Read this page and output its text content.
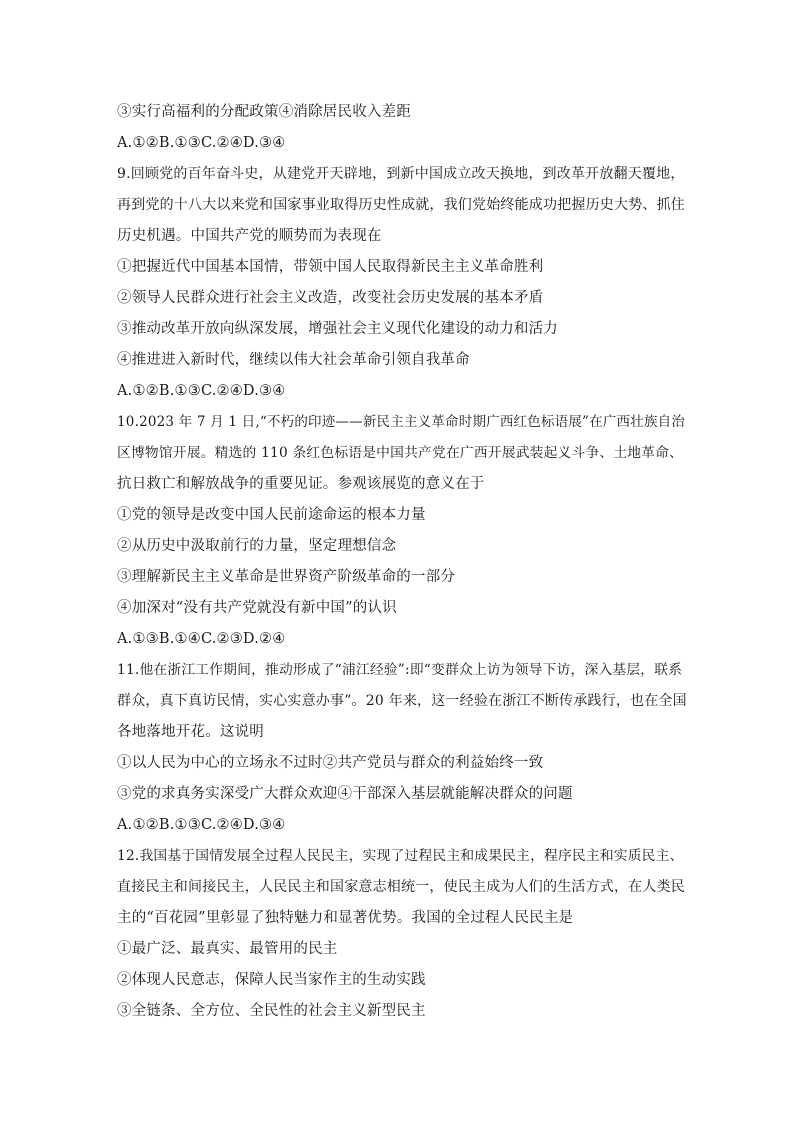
③实行高福利的分配政策④消除居民收入差距
A.①②B.①③C.②④D.③④
9.回顾党的百年奋斗史，从建党开天辟地，到新中国成立改天换地，到改革开放翻天覆地，
再到党的十八大以来党和国家事业取得历史性成就，我们党始终能成功把握历史大势、抓住
历史机遇。中国共产党的顺势而为表现在
①把握近代中国基本国情，带领中国人民取得新民主主义革命胜利
②领导人民群众进行社会主义改造，改变社会历史发展的基本矛盾
③推动改革开放向纵深发展，增强社会主义现代化建设的动力和活力
④推进进入新时代，继续以伟大社会革命引领自我革命
A.①②B.①③C.②④D.③④
10.2023 年 7 月 1 日,“不朽的印迹——新民主主义革命时期广西红色标语展”在广西壮族自治
区博物馆开展。精选的 110 条红色标语是中国共产党在广西开展武装起义斗争、土地革命、
抗日救亡和解放战争的重要见证。参观该展览的意义在于
①党的领导是改变中国人民前途命运的根本力量
②从历史中汲取前行的力量，坚定理想信念
③理解新民主主义革命是世界资产阶级革命的一部分
④加深对“没有共产党就没有新中国”的认识
A.①③B.①④C.②③D.②④
11.他在浙江工作期间，推动形成了“浦江经验”:即“变群众上访为领导下访，深入基层，联系
群众，真下真访民情，实心实意办事”。20 年来，这一经验在浙江不断传承践行，也在全国
各地落地开花。这说明
①以人民为中心的立场永不过时②共产党员与群众的利益始终一致
③党的求真务实深受广大群众欢迎④干部深入基层就能解决群众的问题
A.①②B.①③C.②④D.③④
12.我国基于国情发展全过程人民民主，实现了过程民主和成果民主，程序民主和实质民主、
直接民主和间接民主，人民民主和国家意志相统一，使民主成为人们的生活方式，在人类民
主的“百花园”里彰显了独特魅力和显著优势。我国的全过程人民民主是
①最广泛、最真实、最管用的民主
②体现人民意志，保障人民当家作主的生动实践
③全链条、全方位、全民性的社会主义新型民主
